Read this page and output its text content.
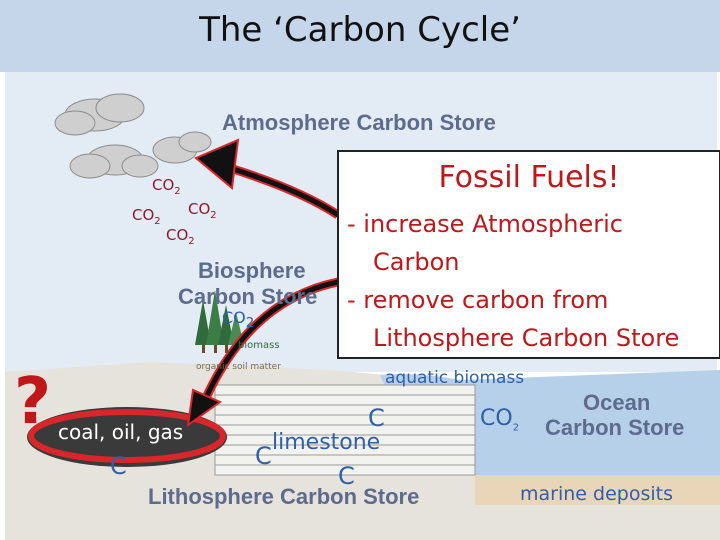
The ‘Carbon Cycle’
Atmosphere Carbon Store
Biosphere
Carbon Store
Ocean
Carbon Store
Lithosphere Carbon Store
$CO_2$
$CO_2$
$CO_2$
$CO_2$
$CO_2$
biomass
organic soil matter
aquatic biomass
$CO_2$
C
limestone
C
C
C
? coal, oil, gas
marine deposits
Fossil Fuels!
- increase Atmospheric
Carbon
- remove carbon from
Lithosphere Carbon Store
